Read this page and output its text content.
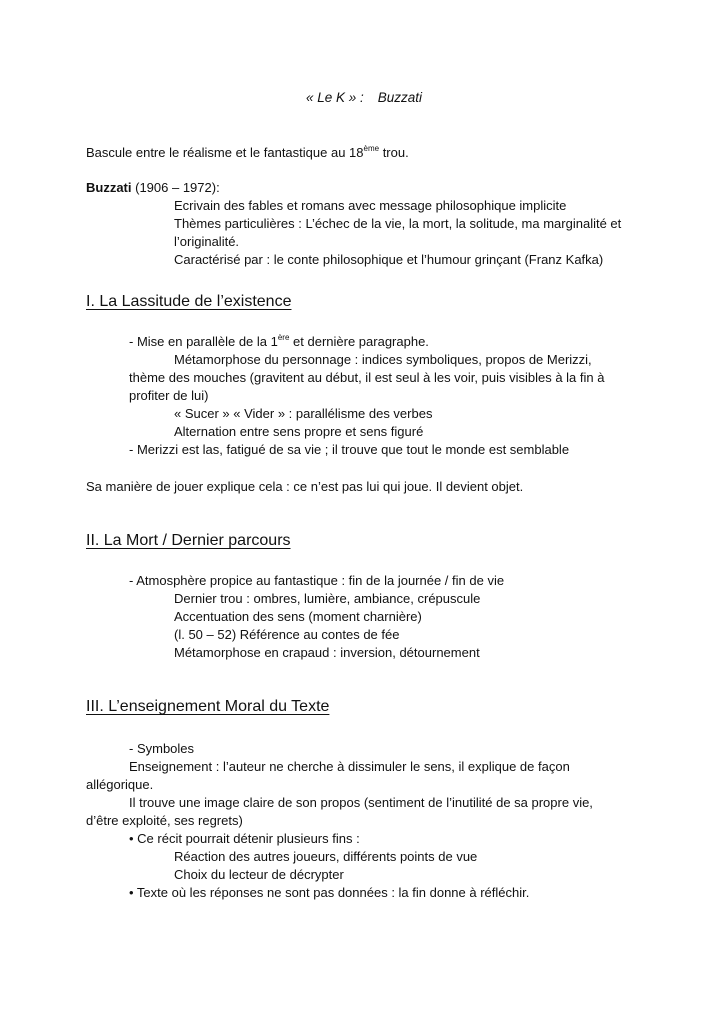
« Le K » : Buzzati
Bascule entre le réalisme et le fantastique au 18ème trou.
Buzzati (1906 – 1972):
Ecrivain des fables et romans avec message philosophique implicite
Thèmes particulières : L’échec de la vie, la mort, la solitude, ma marginalité et
l’originalité.
Caractérisé par : le conte philosophique et l’humour grinçant (Franz Kafka)
I. La Lassitude de l’existence
- Mise en parallèle de la 1ère et dernière paragraphe.
Métamorphose du personnage : indices symboliques, propos de Merizzi,
thème des mouches (gravitent au début, il est seul à les voir, puis visibles à la fin à
profiter de lui)
« Sucer » « Vider » : parallélisme des verbes
Alternation entre sens propre et sens figuré
- Merizzi est las, fatigué de sa vie ; il trouve que tout le monde est semblable
Sa manière de jouer explique cela : ce n’est pas lui qui joue. Il devient objet.
II. La Mort / Dernier parcours
- Atmosphère propice au fantastique : fin de la journée / fin de vie
Dernier trou : ombres, lumière, ambiance, crépuscule
Accentuation des sens (moment charnière)
(l. 50 – 52) Référence au contes de fée
Métamorphose en crapaud : inversion, détournement
III. L’enseignement Moral du Texte
- Symboles
Enseignement : l’auteur ne cherche à dissimuler le sens, il explique de façon
allégorique.
Il trouve une image claire de son propos (sentiment de l’inutilité de sa propre vie,
d’être exploité, ses regrets)
• Ce récit pourrait détenir plusieurs fins :
Réaction des autres joueurs, différents points de vue
Choix du lecteur de décrypter
• Texte où les réponses ne sont pas données : la fin donne à réfléchir.
